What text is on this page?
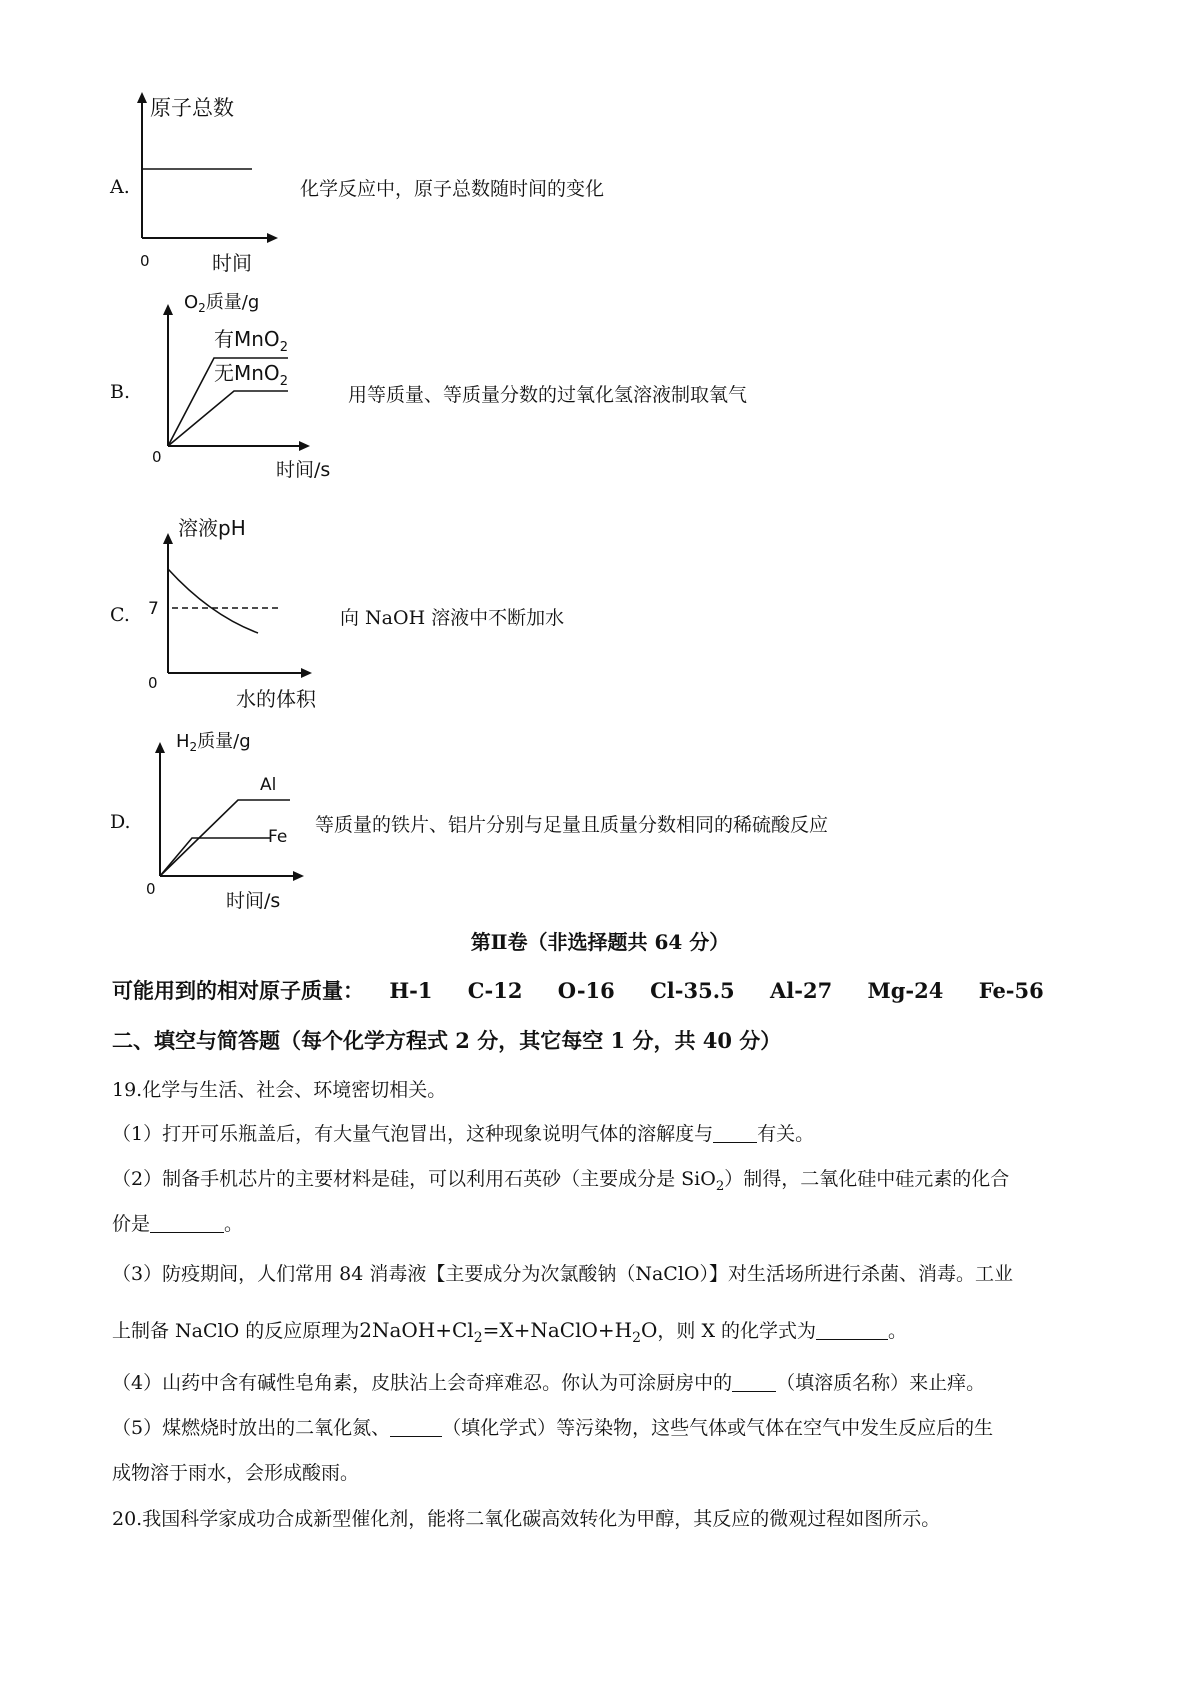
A.
原子总数
0	时间
化学反应中，原子总数随时间的变化
B.
$O_2$质量/g
有MnO$_2$
无MnO$_2$
0
时间/s
用等质量、等质量分数的过氧化氢溶液制取氧气
C.
溶液pH
7
0
水的体积
向 NaOH 溶液中不断加水
D.
$H_2$质量/g
Al
Fe
0
时间/s
等质量的铁片、铝片分别与足量且质量分数相同的稀硫酸反应
第Ⅱ卷（非选择题共 64 分）
可能用到的相对原子质量： H-1 C-12 O-16 Cl-35.5 Al-27 Mg-24 Fe-56
二、填空与简答题（每个化学方程式 2 分，其它每空 1 分，共 40 分）
19.化学与生活、社会、环境密切相关。
（1）打开可乐瓶盖后，有大量气泡冒出，这种现象说明气体的溶解度与 有关。
（2）制备手机芯片的主要材料是硅，可以利用石英砂（主要成分是 SiO$_2$）制得，二氧化硅中硅元素的化合
价是	。
（3）防疫期间，人们常用 84 消毒液【主要成分为次氯酸钠（NaClO）】对生活场所进行杀菌、消毒。工业
上制备 NaClO 的反应原理为$2NaOH+Cl_2=X+NaClO+H_2O$，则 X 的化学式为	。
（4）山药中含有碱性皂角素，皮肤沾上会奇痒难忍。你认为可涂厨房中的 （填溶质名称）来止痒。
（5）煤燃烧时放出的二氧化氮、	（填化学式）等污染物，这些气体或气体在空气中发生反应后的生
成物溶于雨水，会形成酸雨。
20.我国科学家成功合成新型催化剂，能将二氧化碳高效转化为甲醇，其反应的微观过程如图所示。
